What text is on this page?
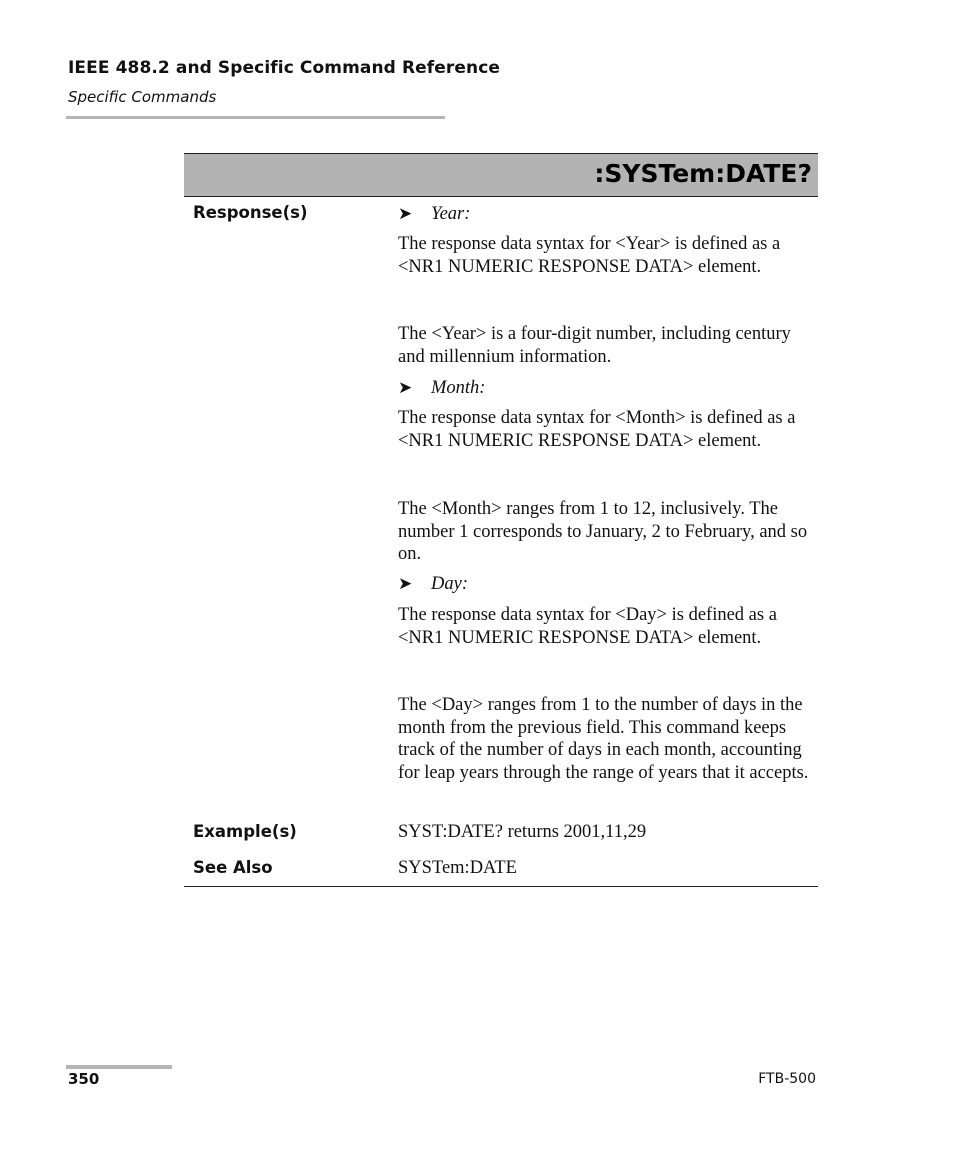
IEEE 488.2 and Specific Command Reference
Specific Commands
:SYSTem:DATE?
Response(s)	➤	Year:

The response data syntax for <Year> is defined as a <NR1 NUMERIC RESPONSE DATA> element.

The <Year> is a four-digit number, including century and millennium information.

➤	Month:

The response data syntax for <Month> is defined as a <NR1 NUMERIC RESPONSE DATA> element.

The <Month> ranges from 1 to 12, inclusively. The number 1 corresponds to January, 2 to February, and so on.

➤	Day:

The response data syntax for <Day> is defined as a <NR1 NUMERIC RESPONSE DATA> element.

The <Day> ranges from 1 to the number of days in the month from the previous field. This command keeps track of the number of days in each month, accounting for leap years through the range of years that it accepts.

Example(s)	SYST:DATE? returns 2001,11,29
See Also	SYSTem:DATE
350	FTB-500
